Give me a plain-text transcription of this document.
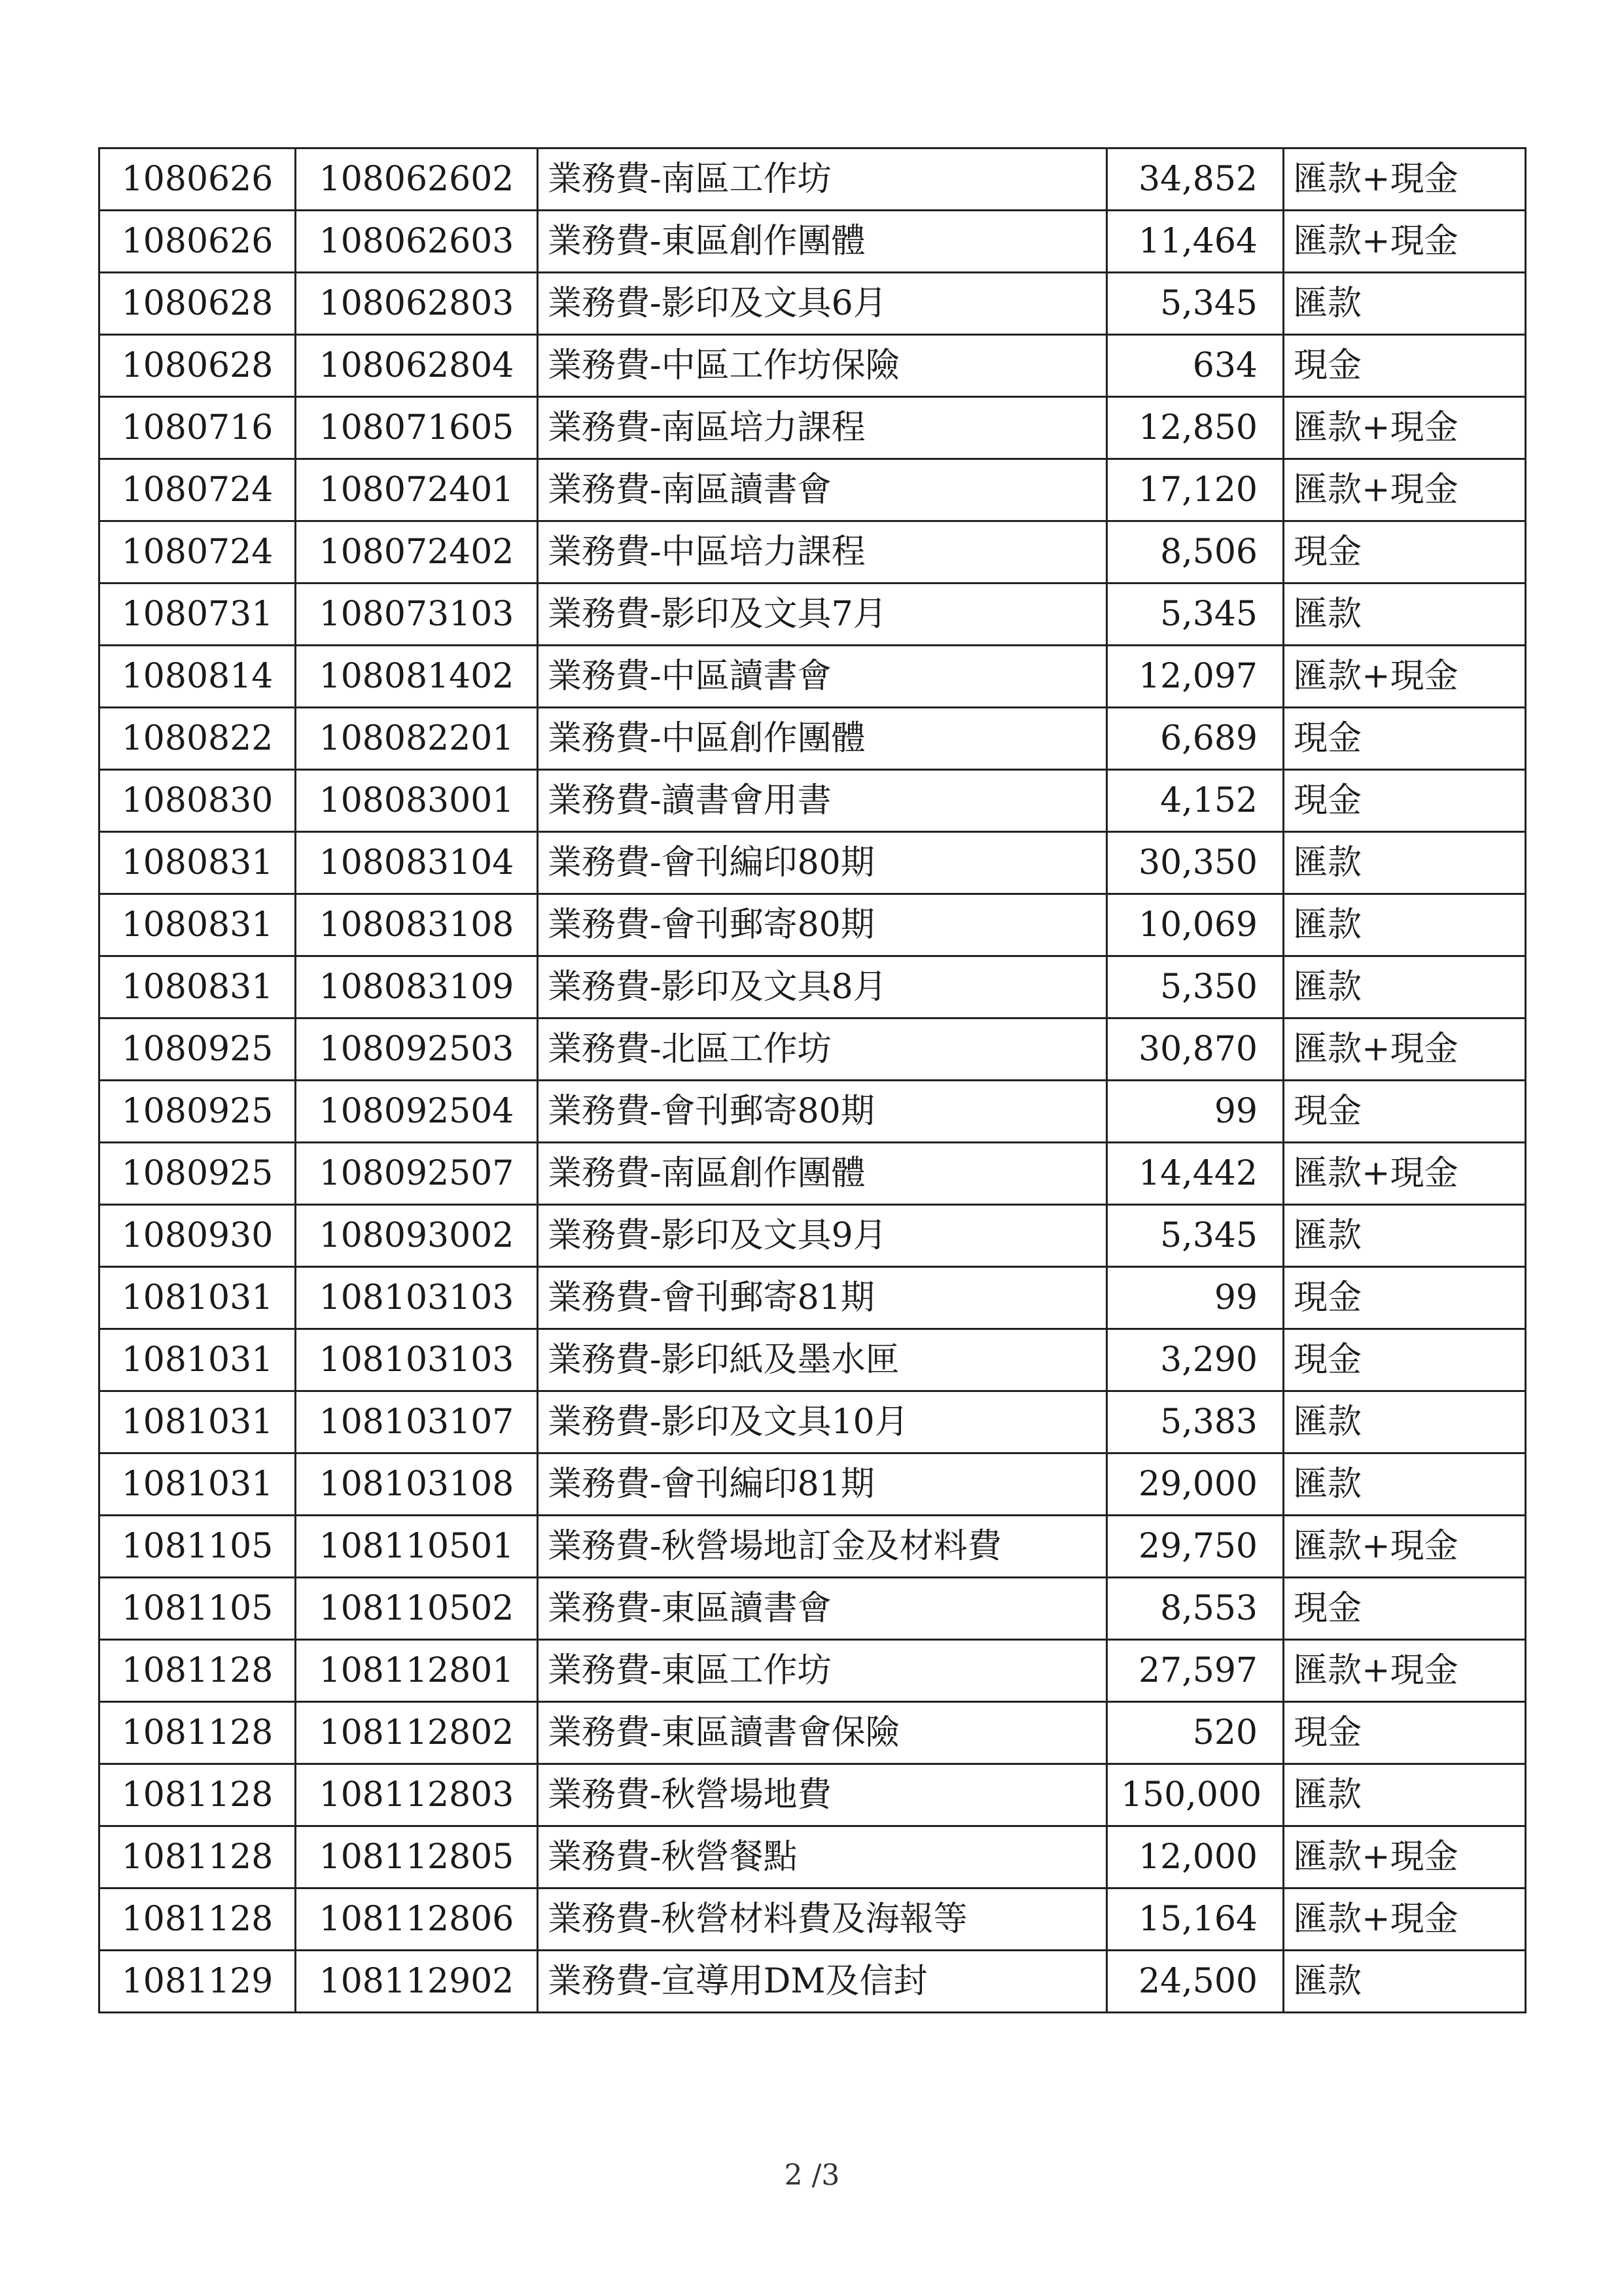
1080626	108062602	業務費-南區工作坊	34,852	匯款+現金
1080626	108062603	業務費-東區創作團體	11,464	匯款+現金
1080628	108062803	業務費-影印及文具6月	5,345	匯款
1080628	108062804	業務費-中區工作坊保險	634	現金
1080716	108071605	業務費-南區培力課程	12,850	匯款+現金
1080724	108072401	業務費-南區讀書會	17,120	匯款+現金
1080724	108072402	業務費-中區培力課程	8,506	現金
1080731	108073103	業務費-影印及文具7月	5,345	匯款
1080814	108081402	業務費-中區讀書會	12,097	匯款+現金
1080822	108082201	業務費-中區創作團體	6,689	現金
1080830	108083001	業務費-讀書會用書	4,152	現金
1080831	108083104	業務費-會刊編印80期	30,350	匯款
1080831	108083108	業務費-會刊郵寄80期	10,069	匯款
1080831	108083109	業務費-影印及文具8月	5,350	匯款
1080925	108092503	業務費-北區工作坊	30,870	匯款+現金
1080925	108092504	業務費-會刊郵寄80期	99	現金
1080925	108092507	業務費-南區創作團體	14,442	匯款+現金
1080930	108093002	業務費-影印及文具9月	5,345	匯款
1081031	108103103	業務費-會刊郵寄81期	99	現金
1081031	108103103	業務費-影印紙及墨水匣	3,290	現金
1081031	108103107	業務費-影印及文具10月	5,383	匯款
1081031	108103108	業務費-會刊編印81期	29,000	匯款
1081105	108110501	業務費-秋營場地訂金及材料費	29,750	匯款+現金
1081105	108110502	業務費-東區讀書會	8,553	現金
1081128	108112801	業務費-東區工作坊	27,597	匯款+現金
1081128	108112802	業務費-東區讀書會保險	520	現金
1081128	108112803	業務費-秋營場地費	150,000	匯款
1081128	108112805	業務費-秋營餐點	12,000	匯款+現金
1081128	108112806	業務費-秋營材料費及海報等	15,164	匯款+現金
1081129	108112902	業務費-宣導用DM及信封	24,500	匯款
2 /3
